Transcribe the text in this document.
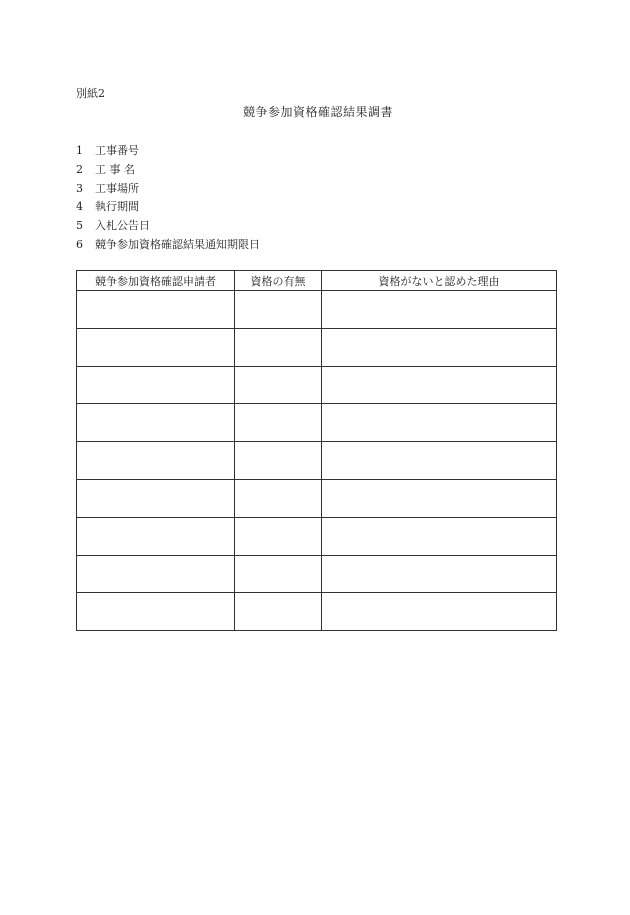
別紙2
競争参加資格確認結果調書
1 工事番号
2 工 事 名
3 工事場所
4 執行期間
5 入札公告日
6 競争参加資格確認結果通知期限日
競争参加資格確認申請者	資格の有無	資格がないと認めた理由
